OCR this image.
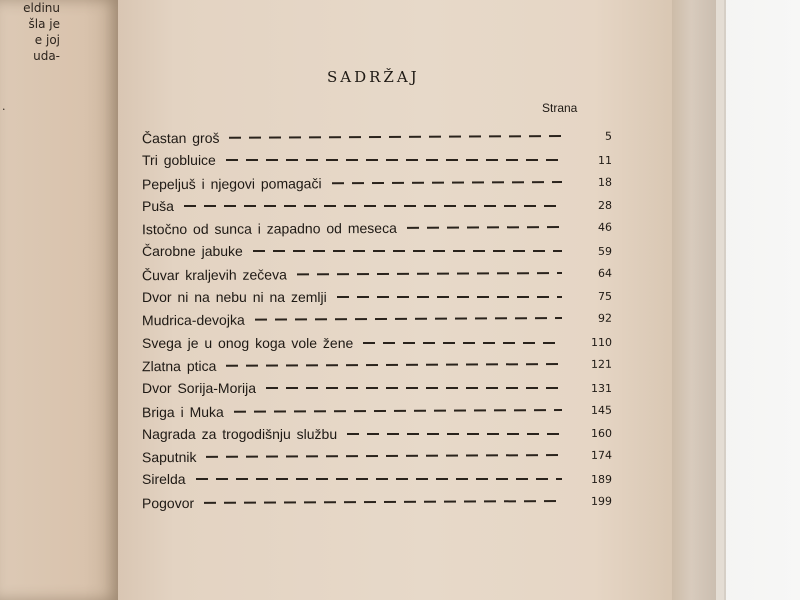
eldinu
šla je
e joj
uda-
.
SADRŽAJ
Strana
Častan groš	5
Tri gobluice	11
Pepeljuš i njegovi pomagači	18
Puša	28
Istočno od sunca i zapadno od meseca	46
Čarobne jabuke	59
Čuvar kraljevih zečeva	64
Dvor ni na nebu ni na zemlji	75
Mudrica-devojka	92
Svega je u onog koga vole žene	110
Zlatna ptica	121
Dvor Sorija-Morija	131
Briga i Muka	145
Nagrada za trogodišnju službu	160
Saputnik	174
Sirelda	189
Pogovor	199
